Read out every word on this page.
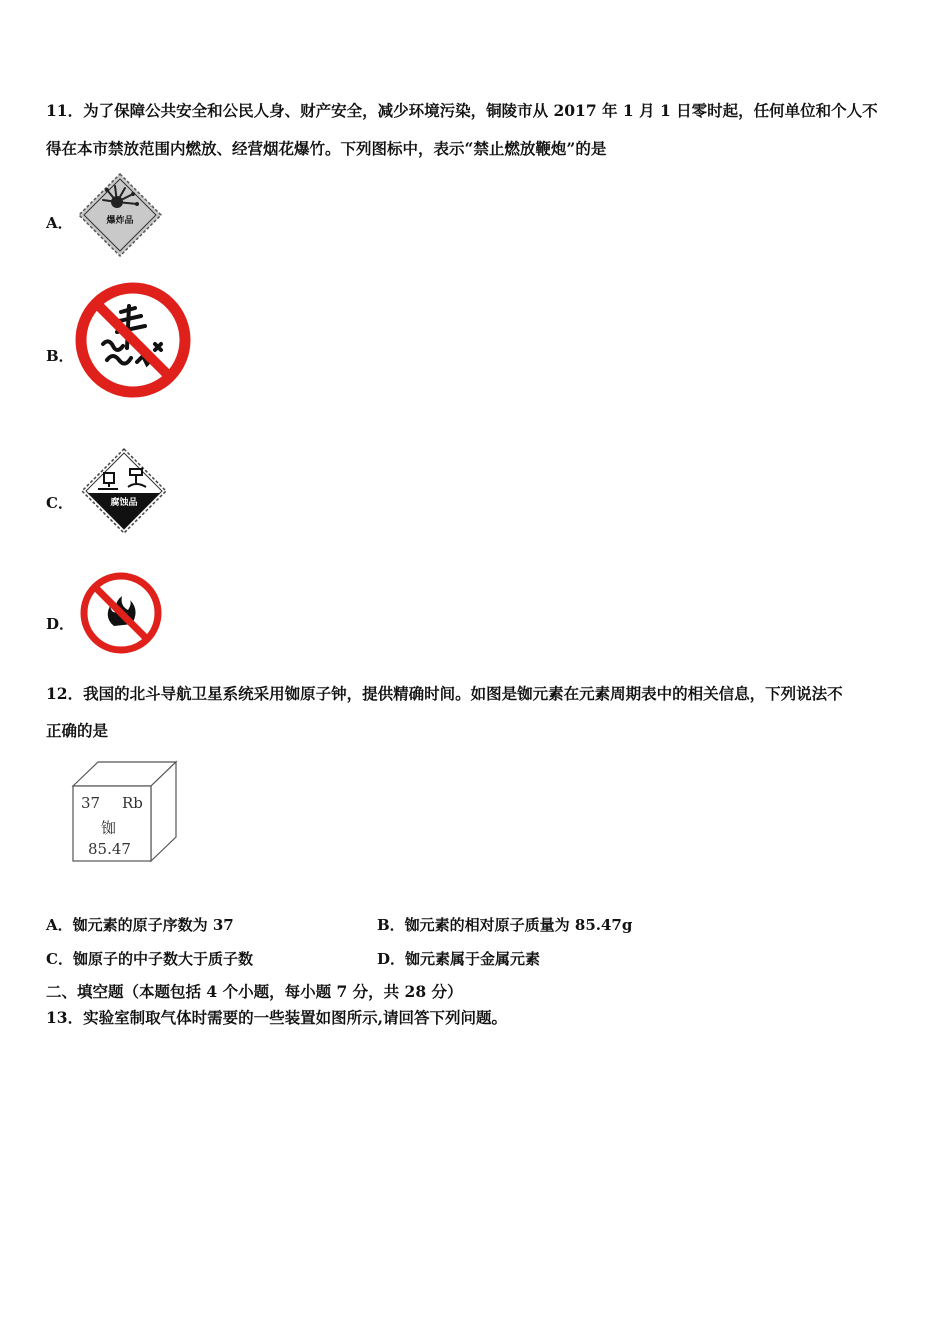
11．为了保障公共安全和公民人身、财产安全，减少环境污染，铜陵市从 2017 年 1 月 1 日零时起，任何单位和个人不
得在本市禁放范围内燃放、经营烟花爆竹。下列图标中，表示“禁止燃放鞭炮”的是
A．	爆炸品
B．
C．	腐蚀品
D．
12．我国的北斗导航卫星系统采用铷原子钟，提供精确时间。如图是铷元素在元素周期表中的相关信息，下列说法不
正确的是
37 Rb
铷
85.47
A．铷元素的原子序数为 37	B．铷元素的相对原子质量为 85.47g
C．铷原子的中子数大于质子数	D．铷元素属于金属元素
二、填空题（本题包括 4 个小题，每小题 7 分，共 28 分）
13．实验室制取气体时需要的一些装置如图所示,请回答下列问题。
